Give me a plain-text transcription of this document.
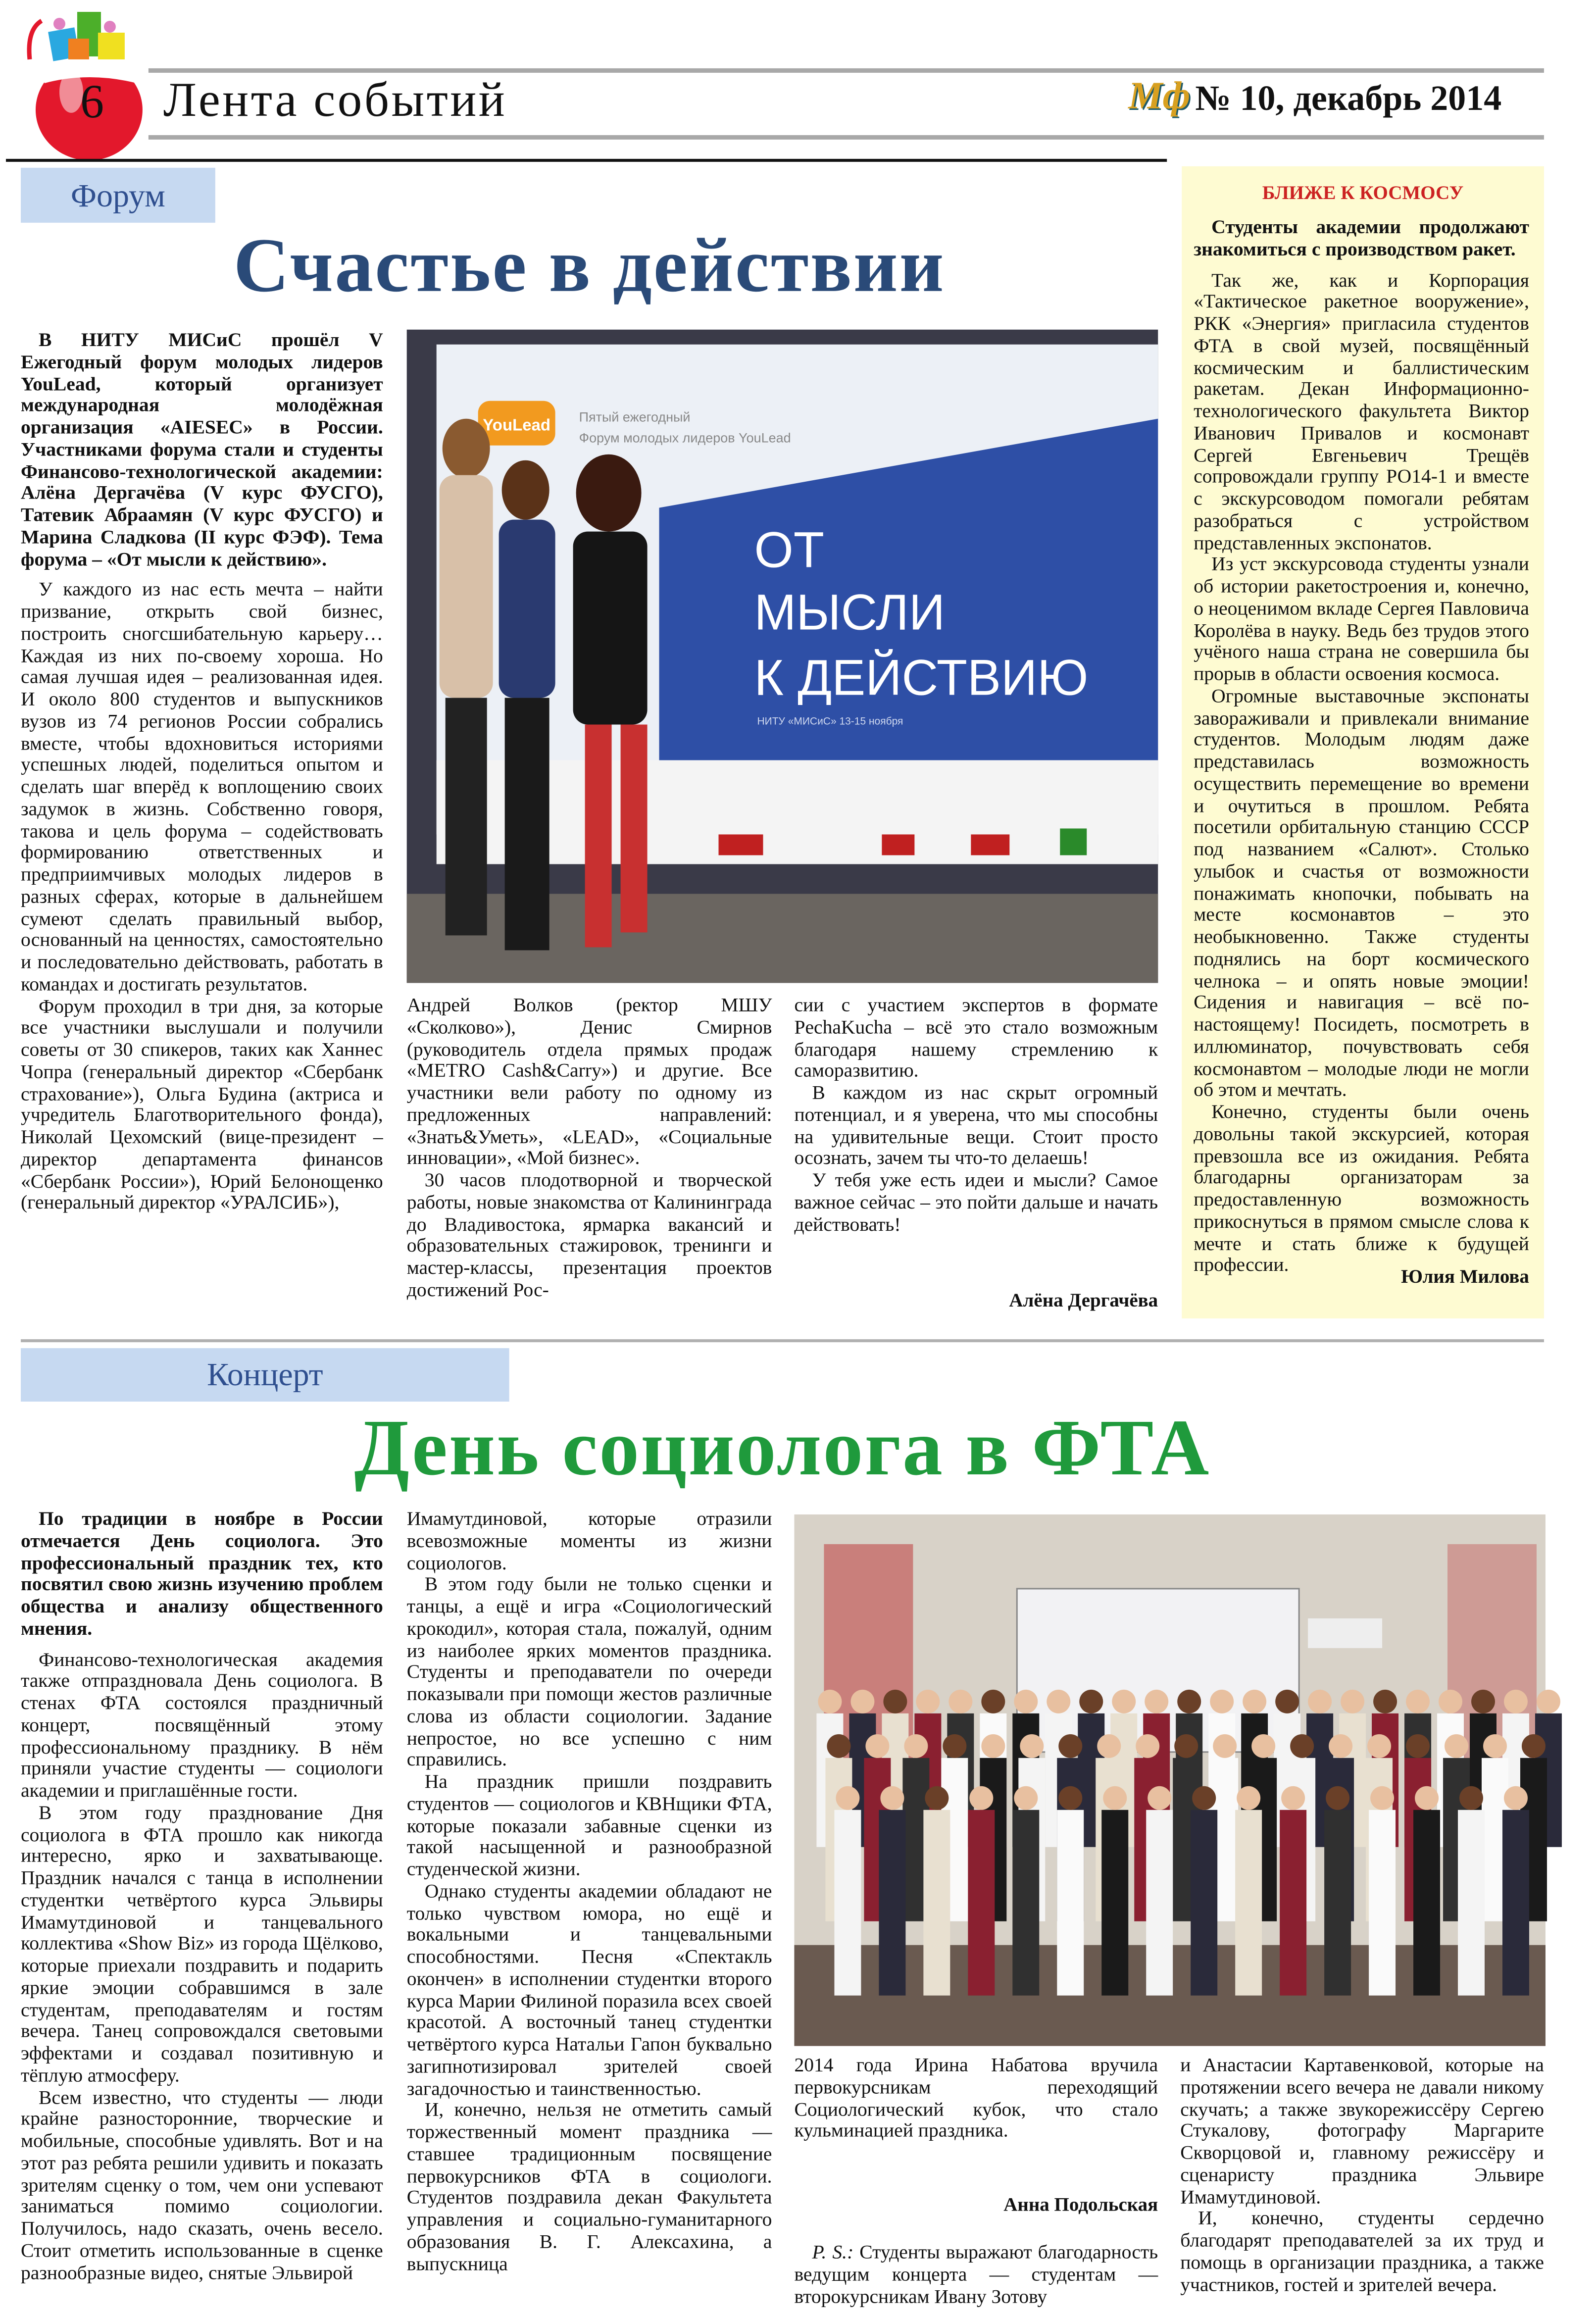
6	Лента событий	Мф № 10, декабрь 2014
Форум
Счастье в действии

В НИТУ МИСиС прошёл V Ежегодный форум молодых лидеров YouLead, который организует международная молодёжная организация «AIESEC» в России. Участниками форума стали и студенты Финансово-технологической академии: Алёна Дергачёва (V курс ФУСГО), Татевик Абраамян (V курс ФУСГО) и Марина Сладкова (II курс ФЭФ). Тема форума – «От мысли к действию».

У каждого из нас есть мечта – найти призвание, открыть свой бизнес, построить сногсшибательную карьеру… Каждая из них по-своему хороша. Но самая лучшая идея – реализованная идея. И около 800 студентов и выпускников вузов из 74 регионов России собрались вместе, чтобы вдохновиться историями успешных людей, поделиться опытом и сделать шаг вперёд к воплощению своих задумок в жизнь. Собственно говоря, такова и цель форума – содействовать формированию ответственных и предприимчивых молодых лидеров в разных сферах, которые в дальнейшем сумеют сделать правильный выбор, основанный на ценностях, самостоятельно и последовательно действовать, работать в командах и достигать результатов.

Форум проходил в три дня, за которые все участники выслушали и получили советы от 30 спикеров, таких как Ханнес Чопра (генеральный директор «Сбербанк страхование»), Ольга Будина (актриса и учредитель Благотворительного фонда), Николай Цехомский (вице-президент – директор департамента финансов «Сбербанк России»), Юрий Белонощенко (генеральный директор «УРАЛСИБ»),

YouLead	Пятый ежегодный
Форум молодых лидеров YouLead
ОТ
МЫСЛИ
К ДЕЙСТВИЮ
НИТУ «МИСиС» 13-15 ноября

Андрей Волков (ректор МШУ «Сколково»), Денис Смирнов (руководитель отдела прямых продаж «METRO Cash&Carry») и другие. Все участники вели работу по одному из предложенных направлений: «Знать&Уметь», «LEAD», «Социальные инновации», «Мой бизнес».

30 часов плодотворной и творческой работы, новые знакомства от Калининграда до Владивостока, ярмарка вакансий и образовательных стажировок, тренинги и мастер-классы, презентация проектов достижений Рос-

сии с участием экспертов в формате PechaKucha – всё это стало возможным благодаря нашему стремлению к саморазвитию.

В каждом из нас скрыт огромный потенциал, и я уверена, что мы способны на удивительные вещи. Стоит просто осознать, зачем ты что-то делаешь!

У тебя уже есть идеи и мысли? Самое важное сейчас – это пойти дальше и начать действовать!

Алёна Дергачёва
БЛИЖЕ К КОСМОСУ

Студенты академии продолжают знакомиться с производством ракет.

Так же, как и Корпорация «Тактическое ракетное вооружение», РКК «Энергия» пригласила студентов ФТА в свой музей, посвящённый космическим и баллистическим ракетам. Декан Информационно-технологического факультета Виктор Иванович Привалов и космонавт Сергей Евгеньевич Трещёв сопровождали группу РО14-1 и вместе с экскурсоводом помогали ребятам разобраться с устройством представленных экспонатов.

Из уст экскурсовода студенты узнали об истории ракетостроения и, конечно, о неоценимом вкладе Сергея Павловича Королёва в науку. Ведь без трудов этого учёного наша страна не совершила бы прорыв в области освоения космоса.

Огромные выставочные экспонаты завораживали и привлекали внимание студентов. Молодым людям даже представилась возможность осуществить перемещение во времени и очутиться в прошлом. Ребята посетили орбитальную станцию СССР под названием «Салют». Столько улыбок и счастья от возможности понажимать кнопочки, побывать на месте космонавтов – это необыкновенно. Также студенты поднялись на борт космического челнока – и опять новые эмоции! Сидения и навигация – всё по-настоящему! Посидеть, посмотреть в иллюминатор, почувствовать себя космонавтом – молодые люди не могли об этом и мечтать.

Конечно, студенты были очень довольны такой экскурсией, которая превзошла все из ожидания. Ребята благодарны организаторам за предоставленную возможность прикоснуться в прямом смысле слова к мечте и стать ближе к будущей профессии.

Юлия Милова
Концерт
День социолога в ФТА

По традиции в ноябре в России отмечается День социолога. Это профессиональный праздник тех, кто посвятил свою жизнь изучению проблем общества и анализу общественного мнения.

Финансово-технологическая академия также отпраздновала День социолога. В стенах ФТА состоялся праздничный концерт, посвящённый этому профессиональному празднику. В нём приняли участие студенты — социологи академии и приглашённые гости.

В этом году празднование Дня социолога в ФТА прошло как никогда интересно, ярко и захватывающе. Праздник начался с танца в исполнении студентки четвёртого курса Эльвиры Имамутдиновой и танцевального коллектива «Show Biz» из города Щёлково, которые приехали поздравить и подарить яркие эмоции собравшимся в зале студентам, преподавателям и гостям вечера. Танец сопровождался световыми эффектами и создавал позитивную и тёплую атмосферу.

Всем известно, что студенты — люди крайне разносторонние, творческие и мобильные, способные удивлять. Вот и на этот раз ребята решили удивить и показать зрителям сценку о том, чем они успевают заниматься помимо социологии. Получилось, надо сказать, очень весело. Стоит отметить использованные в сценке разнообразные видео, снятые Эльвирой

Имамутдиновой, которые отразили всевозможные моменты из жизни социологов.

В этом году были не только сценки и танцы, а ещё и игра «Социологический крокодил», которая стала, пожалуй, одним из наиболее ярких моментов праздника. Студенты и преподаватели по очереди показывали при помощи жестов различные слова из области социологии. Задание непростое, но все успешно с ним справились.

На праздник пришли поздравить студентов — социологов и КВНщики ФТА, которые показали забавные сценки из такой насыщенной и разнообразной студенческой жизни.

Однако студенты академии обладают не только чувством юмора, но ещё и вокальными и танцевальными способностями. Песня «Спектакль окончен» в исполнении студентки второго курса Марии Филиной поразила всех своей красотой. А восточный танец студентки четвёртого курса Натальи Гапон буквально загипнотизировал зрителей своей загадочностью и таинственностью.

И, конечно, нельзя не отметить самый торжественный момент праздника — ставшее традиционным посвящение первокурсников ФТА в социологи. Студентов поздравила декан Факультета управления и социально-гуманитарного образования В. Г. Алексахина, а выпускница

2014 года Ирина Набатова вручила первокурсникам переходящий Социологический кубок, что стало кульминацией праздника.

Анна Подольская

P. S.: Студенты выражают благодарность ведущим концерта — студентам — второкурсникам Ивану Зотову

и Анастасии Картавенковой, которые на протяжении всего вечера не давали никому скучать; а также звукорежиссёру Сергею Стукалову, фотографу Маргарите Скворцовой и, главному режиссёру и сценаристу праздника Эльвире Имамутдиновой.

И, конечно, студенты сердечно благодарят преподавателей за их труд и помощь в организации праздника, а также участников, гостей и зрителей вечера.
